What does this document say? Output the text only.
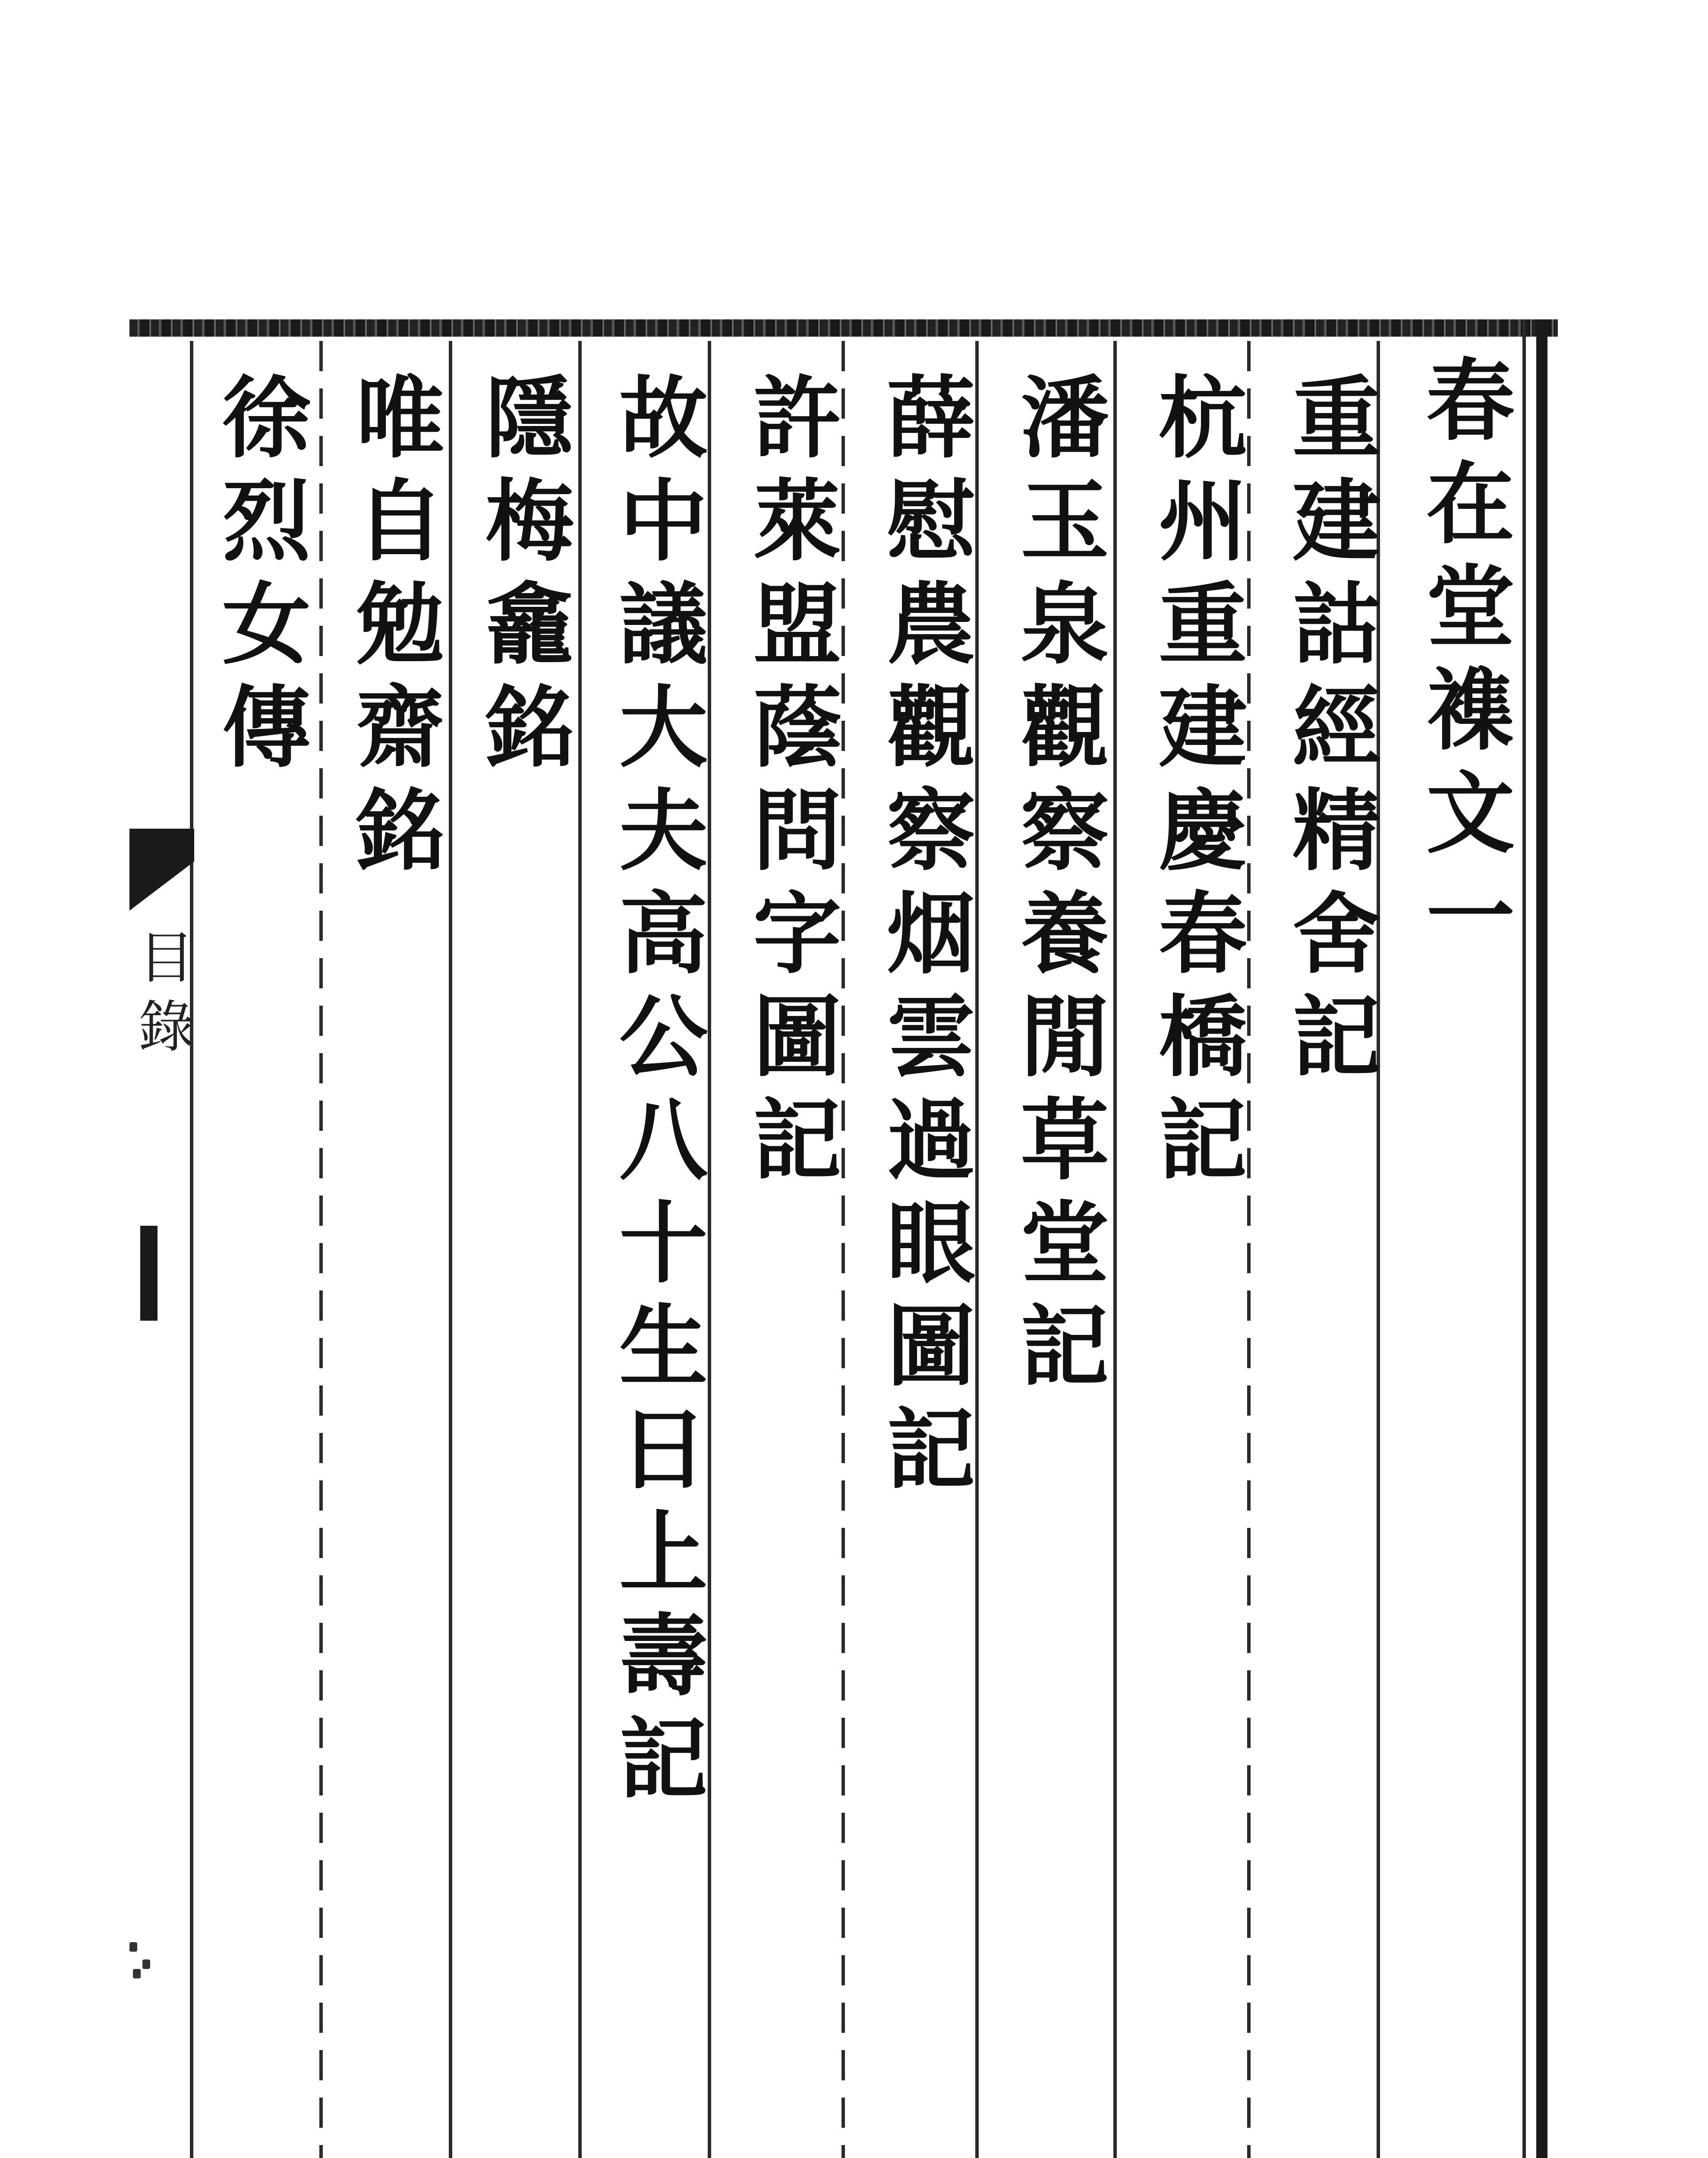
春在堂襍文一
重建詁經精舍記
杭州重建慶春橋記
潘玉泉觀察養閒草堂記
薛慰農觀察烟雲過眼圖記
許萊盟蔭問字圖記
故中議大夫高公八十生日上壽記
隱梅龕銘
唯自勉齋銘
徐烈女傳
目錄
